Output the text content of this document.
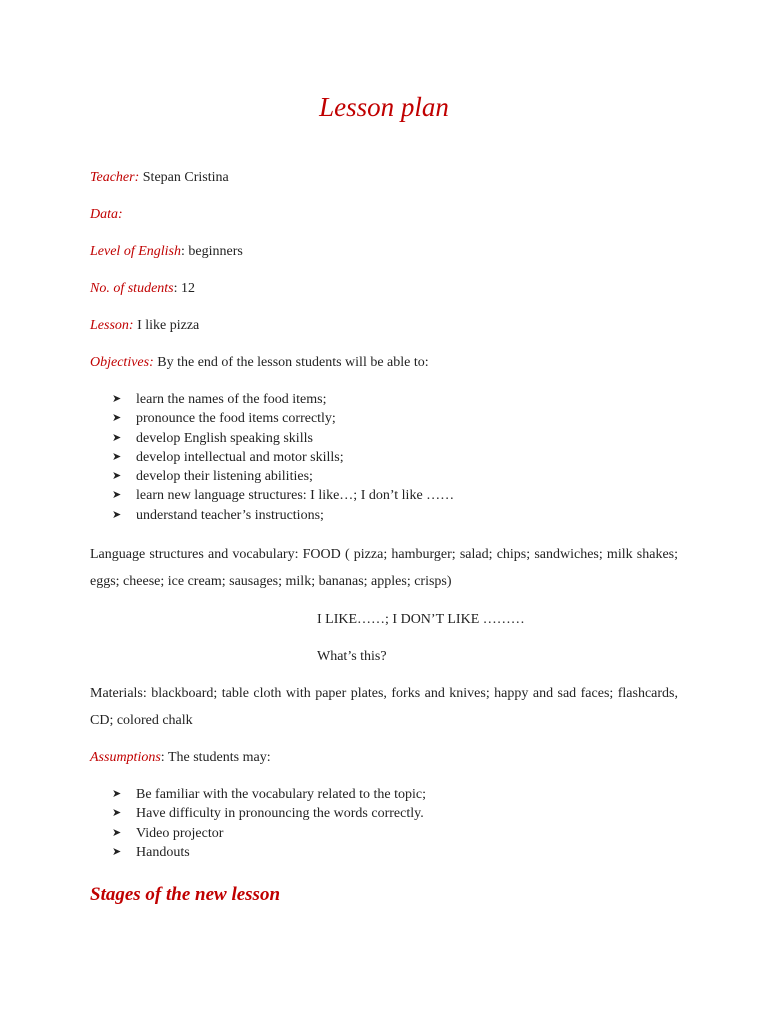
Lesson plan
Teacher: Stepan Cristina
Data:
Level of English: beginners
No. of students: 12
Lesson: I like pizza
Objectives: By the end of the lesson students will be able to:
➤ learn the names of the food items;
➤ pronounce the food items correctly;
➤ develop English speaking skills
➤ develop intellectual and motor skills;
➤ develop their listening abilities;
➤ learn new language structures: I like…; I don’t like ……
➤ understand teacher’s instructions;
Language structures and vocabulary: FOOD ( pizza; hamburger; salad; chips; sandwiches; milk shakes; eggs; cheese; ice cream; sausages; milk; bananas; apples; crisps)
I LIKE……; I DON’T LIKE ………
What’s this?
Materials: blackboard; table cloth with paper plates, forks and knives; happy and sad faces; flashcards, CD; colored chalk
Assumptions: The students may:
➤ Be familiar with the vocabulary related to the topic;
➤ Have difficulty in pronouncing the words correctly.
➤ Video projector
➤ Handouts
Stages of the new lesson
